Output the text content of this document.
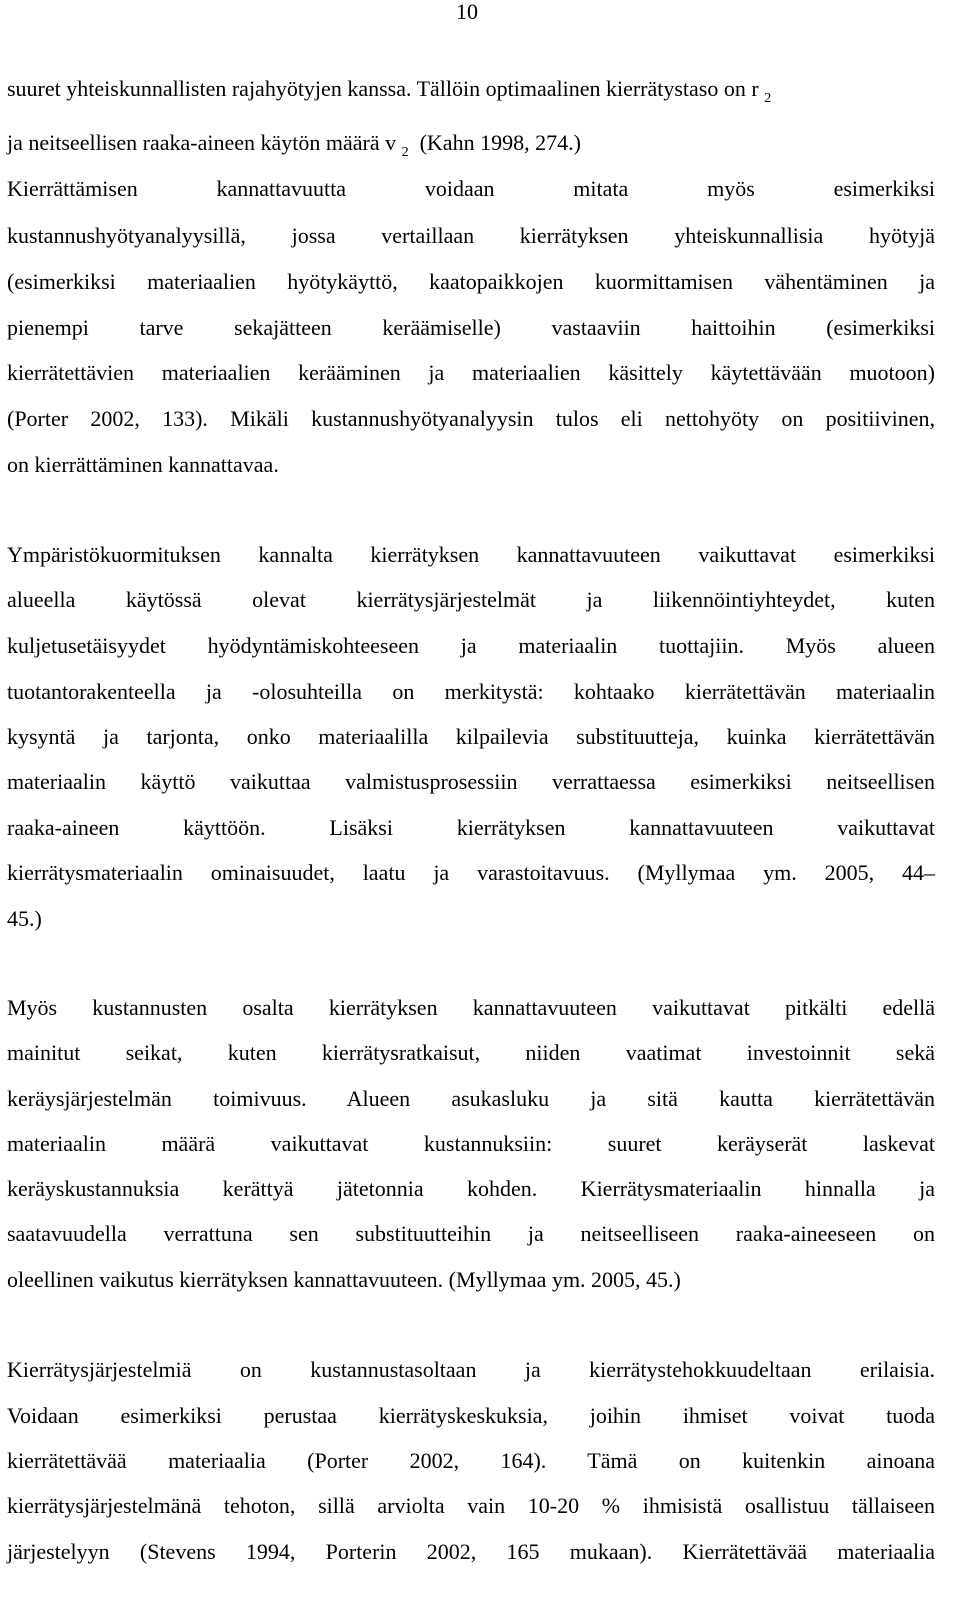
10
suuret yhteiskunnallisten rajahyötyjen kanssa. Tällöin optimaalinen kierrätystaso on r $_2$
ja neitseellisen raaka-aineen käytön määrä v $_2$ (Kahn 1998, 274.)
Kierrättämisen kannattavuutta voidaan mitata myös esimerkiksi
kustannushyötyanalyysillä, jossa vertaillaan kierrätyksen yhteiskunnallisia hyötyjä
(esimerkiksi materiaalien hyötykäyttö, kaatopaikkojen kuormittamisen vähentäminen ja
pienempi tarve sekajätteen keräämiselle) vastaaviin haittoihin (esimerkiksi
kierrätettävien materiaalien kerääminen ja materiaalien käsittely käytettävään muotoon)
(Porter 2002, 133). Mikäli kustannushyötyanalyysin tulos eli nettohyöty on positiivinen,
on kierrättäminen kannattavaa.
Ympäristökuormituksen kannalta kierrätyksen kannattavuuteen vaikuttavat esimerkiksi
alueella käytössä olevat kierrätysjärjestelmät ja liikennöintiyhteydet, kuten
kuljetusetäisyydet hyödyntämiskohteeseen ja materiaalin tuottajiin. Myös alueen
tuotantorakenteella ja -olosuhteilla on merkitystä: kohtaako kierrätettävän materiaalin
kysyntä ja tarjonta, onko materiaalilla kilpailevia substituutteja, kuinka kierrätettävän
materiaalin käyttö vaikuttaa valmistusprosessiin verrattaessa esimerkiksi neitseellisen
raaka-aineen käyttöön. Lisäksi kierrätyksen kannattavuuteen vaikuttavat
kierrätysmateriaalin ominaisuudet, laatu ja varastoitavuus. (Myllymaa ym. 2005, 44–
45.)
Myös kustannusten osalta kierrätyksen kannattavuuteen vaikuttavat pitkälti edellä
mainitut seikat, kuten kierrätysratkaisut, niiden vaatimat investoinnit sekä
keräysjärjestelmän toimivuus. Alueen asukasluku ja sitä kautta kierrätettävän
materiaalin määrä vaikuttavat kustannuksiin: suuret keräyserät laskevat
keräyskustannuksia kerättyä jätetonnia kohden. Kierrätysmateriaalin hinnalla ja
saatavuudella verrattuna sen substituutteihin ja neitseelliseen raaka-aineeseen on
oleellinen vaikutus kierrätyksen kannattavuuteen. (Myllymaa ym. 2005, 45.)
Kierrätysjärjestelmiä on kustannustasoltaan ja kierrätystehokkuudeltaan erilaisia.
Voidaan esimerkiksi perustaa kierrätyskeskuksia, joihin ihmiset voivat tuoda
kierrätettävää materiaalia (Porter 2002, 164). Tämä on kuitenkin ainoana
kierrätysjärjestelmänä tehoton, sillä arviolta vain 10-20 % ihmisistä osallistuu tällaiseen
järjestelyyn (Stevens 1994, Porterin 2002, 165 mukaan). Kierrätettävää materiaalia
